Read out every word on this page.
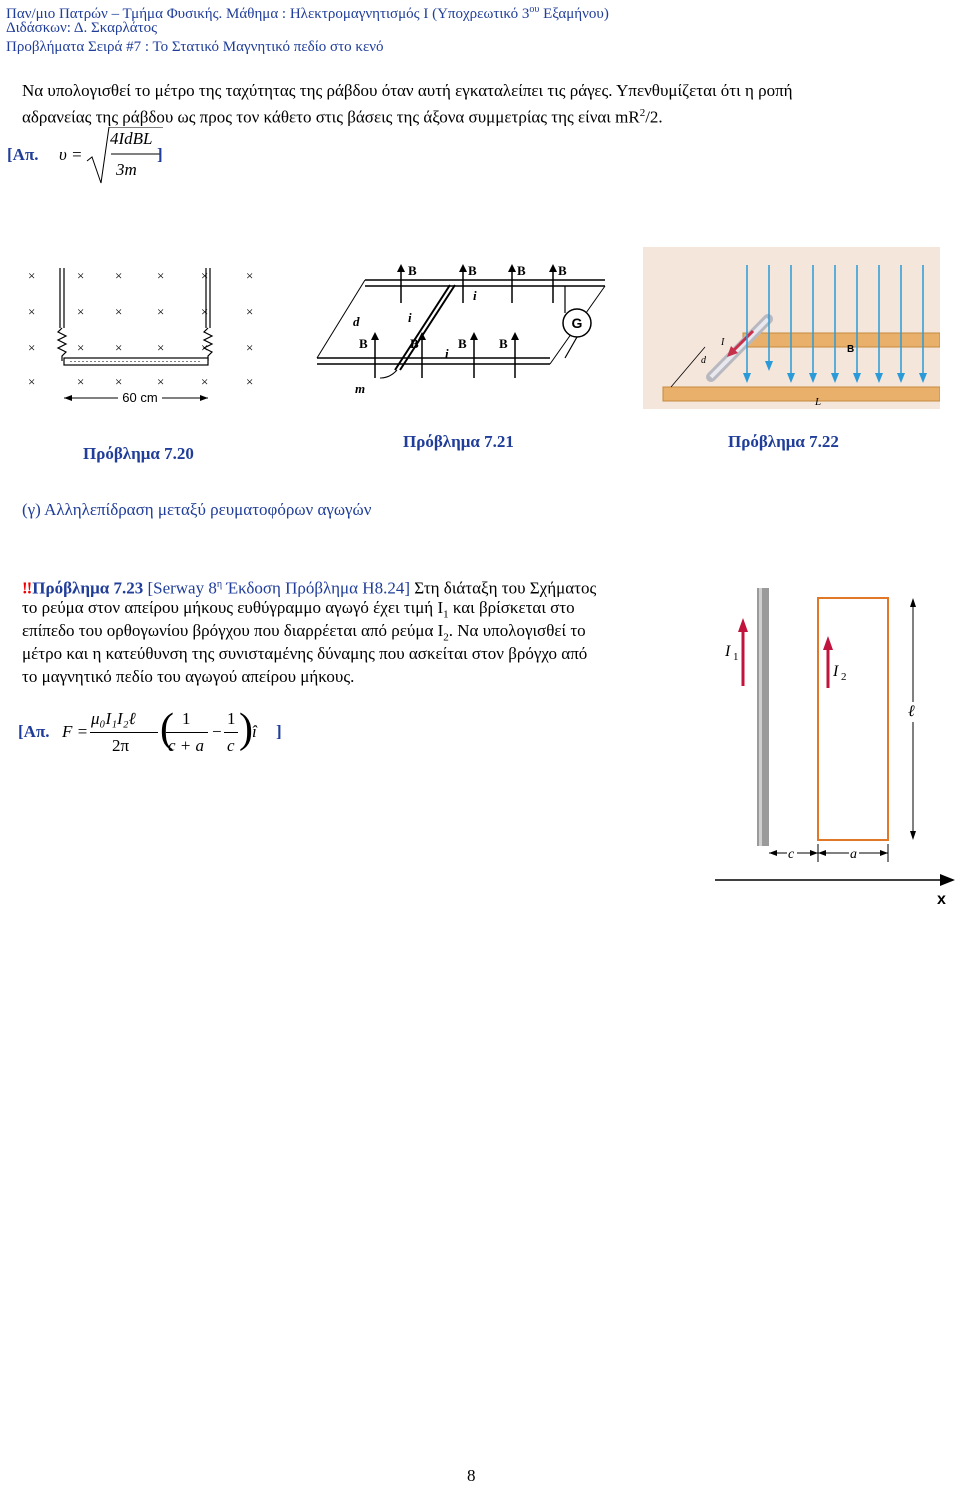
Παν/μιο Πατρών – Τμήμα Φυσικής. Μάθημα : Ηλεκτρομαγνητισμός Ι (Υποχρεωτικό $3^{o\upsilon}$ Εξαμήνου)
Διδάσκων: Δ. Σκαρλάτος
Προβλήματα Σειρά #7 : Το Στατικό Μαγνητικό πεδίο στο κενό
Να υπολογισθεί το μέτρο της ταχύτητας της ράβδου όταν αυτή εγκαταλείπει τις ράγες. Υπενθυμίζεται ότι η ροπή
αδρανείας της ράβδου ως προς τον κάθετο στις βάσεις της άξονα συμμετρίας της είναι $mR^2/2$.
[Απ. υ =
4IdBL
3m
]
×	× ×	×	×	×
×	× ×	×	×	×
×	× ×	×	×	×
×	× ×	×	×	×
60 cm
Πρόβλημα 7.20
G
B	B	B B
B	B	B B
i
i
i
d
m
Πρόβλημα 7.21
d
I
B
L
Πρόβλημα 7.22
(γ) Αλληλεπίδραση μεταξύ ρευματοφόρων αγωγών
‼Πρόβλημα 7.23 [Serway $8^\eta$ Έκδοση Πρόβλημα Η8.24] Στη διάταξη του Σχήματος
το ρεύμα στον απείρου μήκους ευθύγραμμο αγωγό έχει τιμή $I_1$ και βρίσκεται στο
επίπεδο του ορθογωνίου βρόγχου που διαρρέεται από ρεύμα $I_2$. Να υπολογισθεί το
μέτρο και η κατεύθυνση της συνισταμένης δύναμης που ασκείται στον βρόγχο από
το μαγνητικό πεδίο του αγωγού απείρου μήκους.
[Απ. F =
μ₀I₁I₂ℓ
2π ( 1
c + a
−
1
c ) î ]
I 1
I 2
ℓ
c	a
x
8
